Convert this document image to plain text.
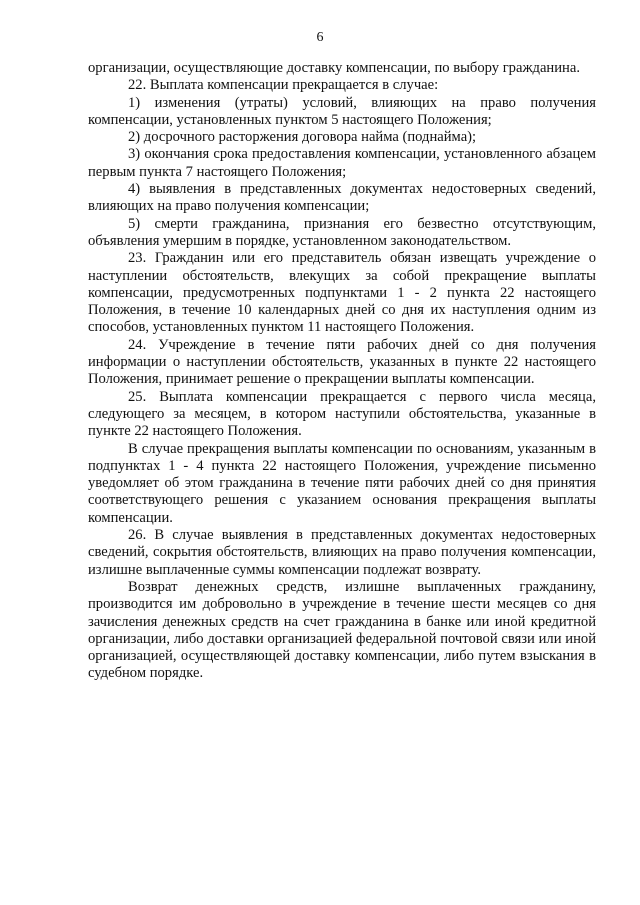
6

организации, осуществляющие доставку компенсации, по выбору гражданина.

22. Выплата компенсации прекращается в случае:

1) изменения (утраты) условий, влияющих на право получения компенсации, установленных пунктом 5 настоящего Положения;

2) досрочного расторжения договора найма (поднайма);

3) окончания срока предоставления компенсации, установленного абзацем первым пункта 7 настоящего Положения;

4) выявления в представленных документах недостоверных сведений, влияющих на право получения компенсации;

5) смерти гражданина, признания его безвестно отсутствующим, объявления умершим в порядке, установленном законодательством.

23. Гражданин или его представитель обязан извещать учреждение о наступлении обстоятельств, влекущих за собой прекращение выплаты компенсации, предусмотренных подпунктами 1 - 2 пункта 22 настоящего Положения, в течение 10 календарных дней со дня их наступления одним из способов, установленных пунктом 11 настоящего Положения.

24. Учреждение в течение пяти рабочих дней со дня получения информации о наступлении обстоятельств, указанных в пункте 22 настоящего Положения, принимает решение о прекращении выплаты компенсации.

25. Выплата компенсации прекращается с первого числа месяца, следующего за месяцем, в котором наступили обстоятельства, указанные в пункте 22 настоящего Положения.

В случае прекращения выплаты компенсации по основаниям, указанным в подпунктах 1 - 4 пункта 22 настоящего Положения, учреждение письменно уведомляет об этом гражданина в течение пяти рабочих дней со дня принятия соответствующего решения с указанием основания прекращения выплаты компенсации.

26. В случае выявления в представленных документах недостоверных сведений, сокрытия обстоятельств, влияющих на право получения компенсации, излишне выплаченные суммы компенсации подлежат возврату.

Возврат денежных средств, излишне выплаченных гражданину, производится им добровольно в учреждение в течение шести месяцев со дня зачисления денежных средств на счет гражданина в банке или иной кредитной организации, либо доставки организацией федеральной почтовой связи или иной организацией, осуществляющей доставку компенсации, либо путем взыскания в судебном порядке.
